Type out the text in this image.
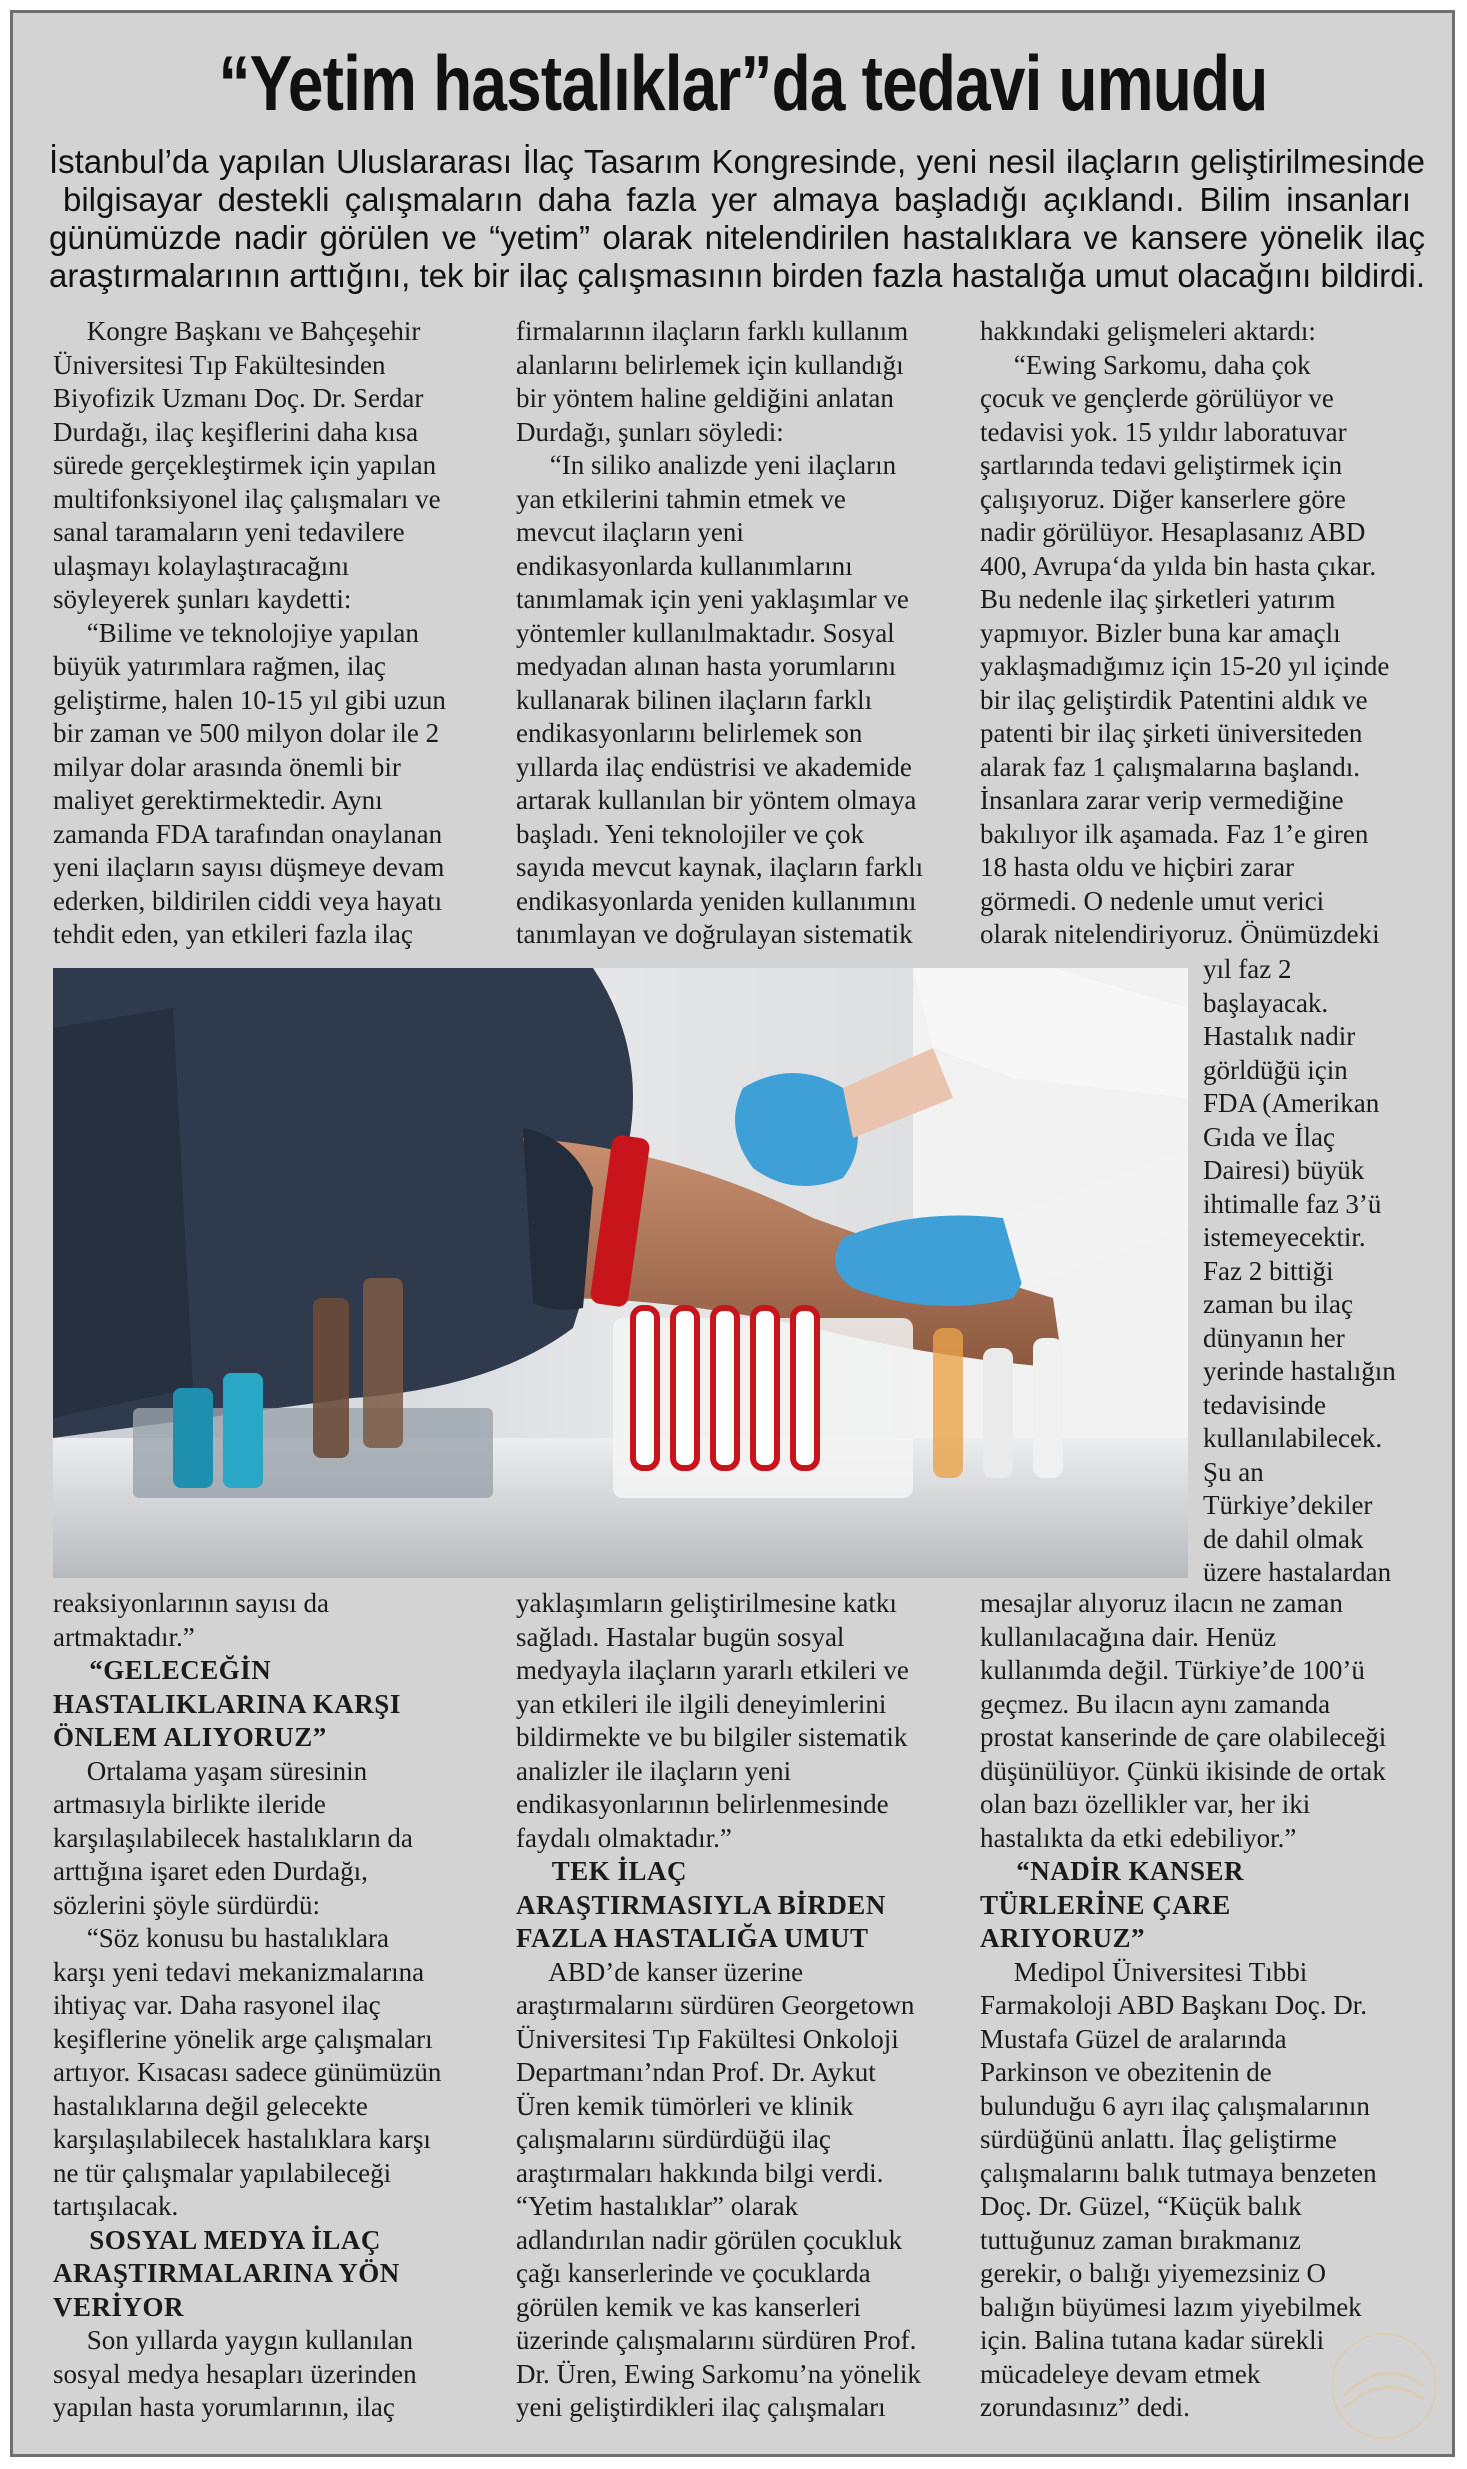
“Yetim hastalıklar”da tedavi umudu
İstanbul’da yapılan Uluslararası İlaç Tasarım Kongresinde, yeni nesil ilaçların geliştirilmesinde
bilgisayar destekli çalışmaların daha fazla yer almaya başladığı açıklandı. Bilim insanları
günümüzde nadir görülen ve “yetim” olarak nitelendirilen hastalıklara ve kansere yönelik ilaç
araştırmalarının arttığını, tek bir ilaç çalışmasının birden fazla hastalığa umut olacağını bildirdi.
Kongre Başkanı ve Bahçeşehir
Üniversitesi Tıp Fakültesinden
Biyofizik Uzmanı Doç. Dr. Serdar
Durdağı, ilaç keşiflerini daha kısa
sürede gerçekleştirmek için yapılan
multifonksiyonel ilaç çalışmaları ve
sanal taramaların yeni tedavilere
ulaşmayı kolaylaştıracağını
söyleyerek şunları kaydetti:
“Bilime ve teknolojiye yapılan
büyük yatırımlara rağmen, ilaç
geliştirme, halen 10-15 yıl gibi uzun
bir zaman ve 500 milyon dolar ile 2
milyar dolar arasında önemli bir
maliyet gerektirmektedir. Aynı
zamanda FDA tarafından onaylanan
yeni ilaçların sayısı düşmeye devam
ederken, bildirilen ciddi veya hayatı
tehdit eden, yan etkileri fazla ilaç
firmalarının ilaçların farklı kullanım
alanlarını belirlemek için kullandığı
bir yöntem haline geldiğini anlatan
Durdağı, şunları söyledi:
“In siliko analizde yeni ilaçların
yan etkilerini tahmin etmek ve
mevcut ilaçların yeni
endikasyonlarda kullanımlarını
tanımlamak için yeni yaklaşımlar ve
yöntemler kullanılmaktadır. Sosyal
medyadan alınan hasta yorumlarını
kullanarak bilinen ilaçların farklı
endikasyonlarını belirlemek son
yıllarda ilaç endüstrisi ve akademide
artarak kullanılan bir yöntem olmaya
başladı. Yeni teknolojiler ve çok
sayıda mevcut kaynak, ilaçların farklı
endikasyonlarda yeniden kullanımını
tanımlayan ve doğrulayan sistematik
hakkındaki gelişmeleri aktardı:
“Ewing Sarkomu, daha çok
çocuk ve gençlerde görülüyor ve
tedavisi yok. 15 yıldır laboratuvar
şartlarında tedavi geliştirmek için
çalışıyoruz. Diğer kanserlere göre
nadir görülüyor. Hesaplasanız ABD
400, Avrupa‘da yılda bin hasta çıkar.
Bu nedenle ilaç şirketleri yatırım
yapmıyor. Bizler buna kar amaçlı
yaklaşmadığımız için 15-20 yıl içinde
bir ilaç geliştirdik Patentini aldık ve
patenti bir ilaç şirketi üniversiteden
alarak faz 1 çalışmalarına başlandı.
İnsanlara zarar verip vermediğine
bakılıyor ilk aşamada. Faz 1’e giren
18 hasta oldu ve hiçbiri zarar
görmedi. O nedenle umut verici
olarak nitelendiriyoruz. Önümüzdeki
yıl faz 2
başlayacak.
Hastalık nadir
görldüğü için
FDA (Amerikan
Gıda ve İlaç
Dairesi) büyük
ihtimalle faz 3’ü
istemeyecektir.
Faz 2 bittiği
zaman bu ilaç
dünyanın her
yerinde hastalığın
tedavisinde
kullanılabilecek.
Şu an
Türkiye’dekiler
de dahil olmak
üzere hastalardan
reaksiyonlarının sayısı da
artmaktadır.”
“GELECEĞİN
HASTALIKLARINA KARŞI
ÖNLEM ALIYORUZ”
Ortalama yaşam süresinin
artmasıyla birlikte ileride
karşılaşılabilecek hastalıkların da
arttığına işaret eden Durdağı,
sözlerini şöyle sürdürdü:
“Söz konusu bu hastalıklara
karşı yeni tedavi mekanizmalarına
ihtiyaç var. Daha rasyonel ilaç
keşiflerine yönelik arge çalışmaları
artıyor. Kısacası sadece günümüzün
hastalıklarına değil gelecekte
karşılaşılabilecek hastalıklara karşı
ne tür çalışmalar yapılabileceği
tartışılacak.
SOSYAL MEDYA İLAÇ
ARAŞTIRMALARINA YÖN
VERİYOR
Son yıllarda yaygın kullanılan
sosyal medya hesapları üzerinden
yapılan hasta yorumlarının, ilaç
yaklaşımların geliştirilmesine katkı
sağladı. Hastalar bugün sosyal
medyayla ilaçların yararlı etkileri ve
yan etkileri ile ilgili deneyimlerini
bildirmekte ve bu bilgiler sistematik
analizler ile ilaçların yeni
endikasyonlarının belirlenmesinde
faydalı olmaktadır.”
TEK İLAÇ
ARAŞTIRMASIYLA BİRDEN
FAZLA HASTALIĞA UMUT
ABD’de kanser üzerine
araştırmalarını sürdüren Georgetown
Üniversitesi Tıp Fakültesi Onkoloji
Departmanı’ndan Prof. Dr. Aykut
Üren kemik tümörleri ve klinik
çalışmalarını sürdürdüğü ilaç
araştırmaları hakkında bilgi verdi.
“Yetim hastalıklar” olarak
adlandırılan nadir görülen çocukluk
çağı kanserlerinde ve çocuklarda
görülen kemik ve kas kanserleri
üzerinde çalışmalarını sürdüren Prof.
Dr. Üren, Ewing Sarkomu’na yönelik
yeni geliştirdikleri ilaç çalışmaları
mesajlar alıyoruz ilacın ne zaman
kullanılacağına dair. Henüz
kullanımda değil. Türkiye’de 100’ü
geçmez. Bu ilacın aynı zamanda
prostat kanserinde de çare olabileceği
düşünülüyor. Çünkü ikisinde de ortak
olan bazı özellikler var, her iki
hastalıkta da etki edebiliyor.”
“NADİR KANSER
TÜRLERİNE ÇARE
ARIYORUZ”
Medipol Üniversitesi Tıbbi
Farmakoloji ABD Başkanı Doç. Dr.
Mustafa Güzel de aralarında
Parkinson ve obezitenin de
bulunduğu 6 ayrı ilaç çalışmalarının
sürdüğünü anlattı. İlaç geliştirme
çalışmalarını balık tutmaya benzeten
Doç. Dr. Güzel, “Küçük balık
tuttuğunuz zaman bırakmanız
gerekir, o balığı yiyemezsiniz O
balığın büyümesi lazım yiyebilmek
için. Balina tutana kadar sürekli
mücadeleye devam etmek
zorundasınız” dedi.
